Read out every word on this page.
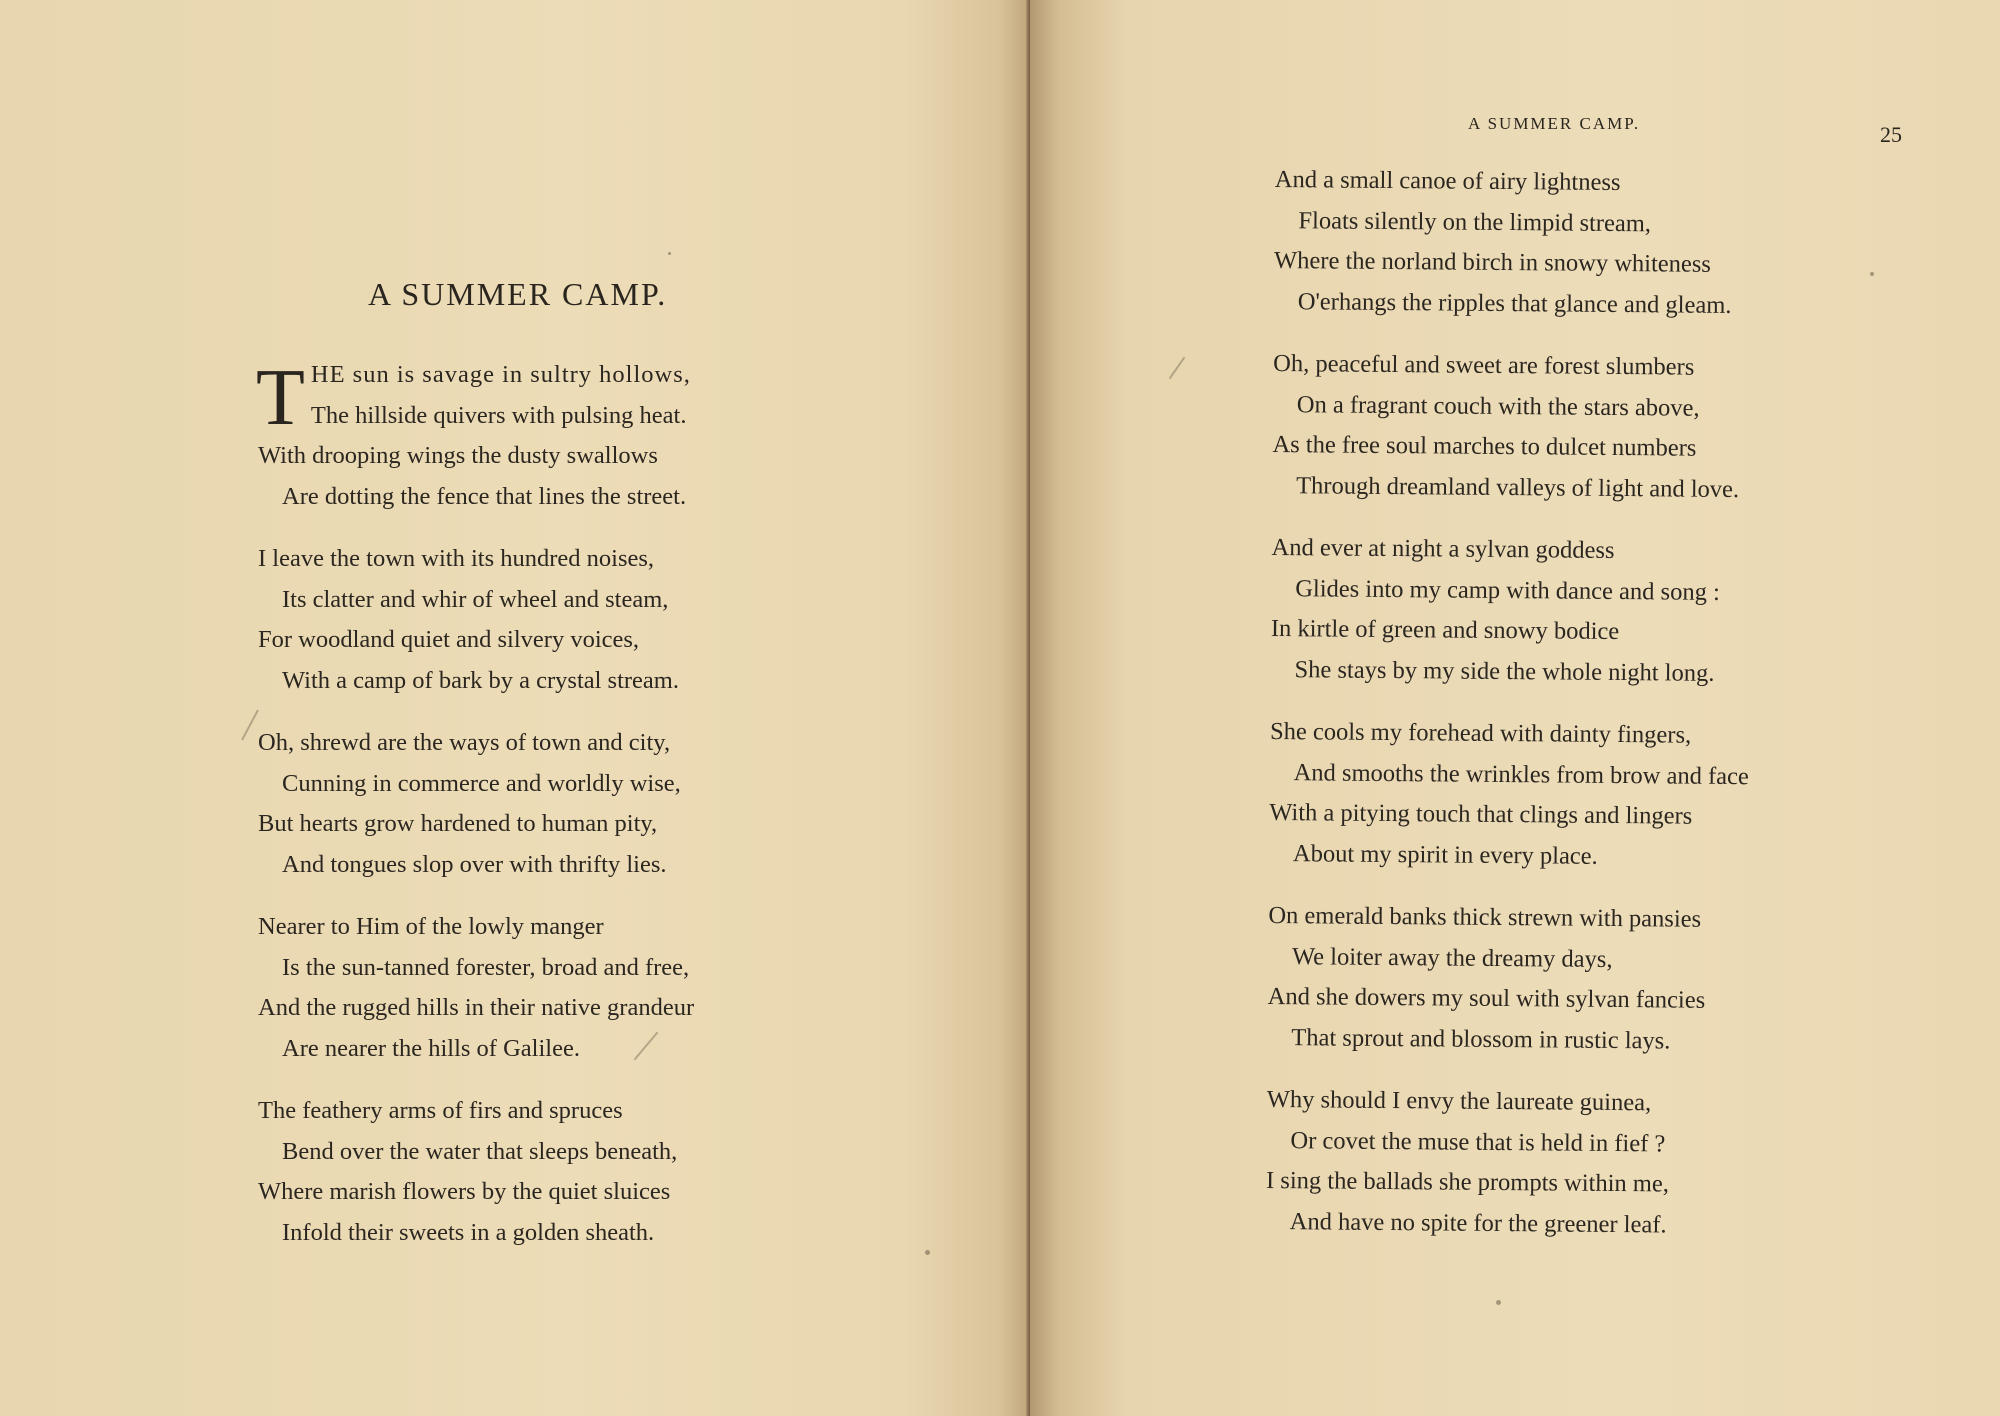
A SUMMER CAMP.
T HE sun is savage in sultry hollows,
The hillside quivers with pulsing heat.
With drooping wings the dusty swallows
Are dotting the fence that lines the street.
I leave the town with its hundred noises,
Its clatter and whir of wheel and steam,
For woodland quiet and silvery voices,
With a camp of bark by a crystal stream.
Oh, shrewd are the ways of town and city,
Cunning in commerce and worldly wise,
But hearts grow hardened to human pity,
And tongues slop over with thrifty lies.
Nearer to Him of the lowly manger
Is the sun-tanned forester, broad and free,
And the rugged hills in their native grandeur
Are nearer the hills of Galilee.
The feathery arms of firs and spruces
Bend over the water that sleeps beneath,
Where marish flowers by the quiet sluices
Infold their sweets in a golden sheath.
A SUMMER CAMP.	25
And a small canoe of airy lightness
Floats silently on the limpid stream,
Where the norland birch in snowy whiteness
O'erhangs the ripples that glance and gleam.
Oh, peaceful and sweet are forest slumbers
On a fragrant couch with the stars above,
As the free soul marches to dulcet numbers
Through dreamland valleys of light and love.
And ever at night a sylvan goddess
Glides into my camp with dance and song :
In kirtle of green and snowy bodice
She stays by my side the whole night long.
She cools my forehead with dainty fingers,
And smooths the wrinkles from brow and face
With a pitying touch that clings and lingers
About my spirit in every place.
On emerald banks thick strewn with pansies
We loiter away the dreamy days,
And she dowers my soul with sylvan fancies
That sprout and blossom in rustic lays.
Why should I envy the laureate guinea,
Or covet the muse that is held in fief ?
I sing the ballads she prompts within me,
And have no spite for the greener leaf.
